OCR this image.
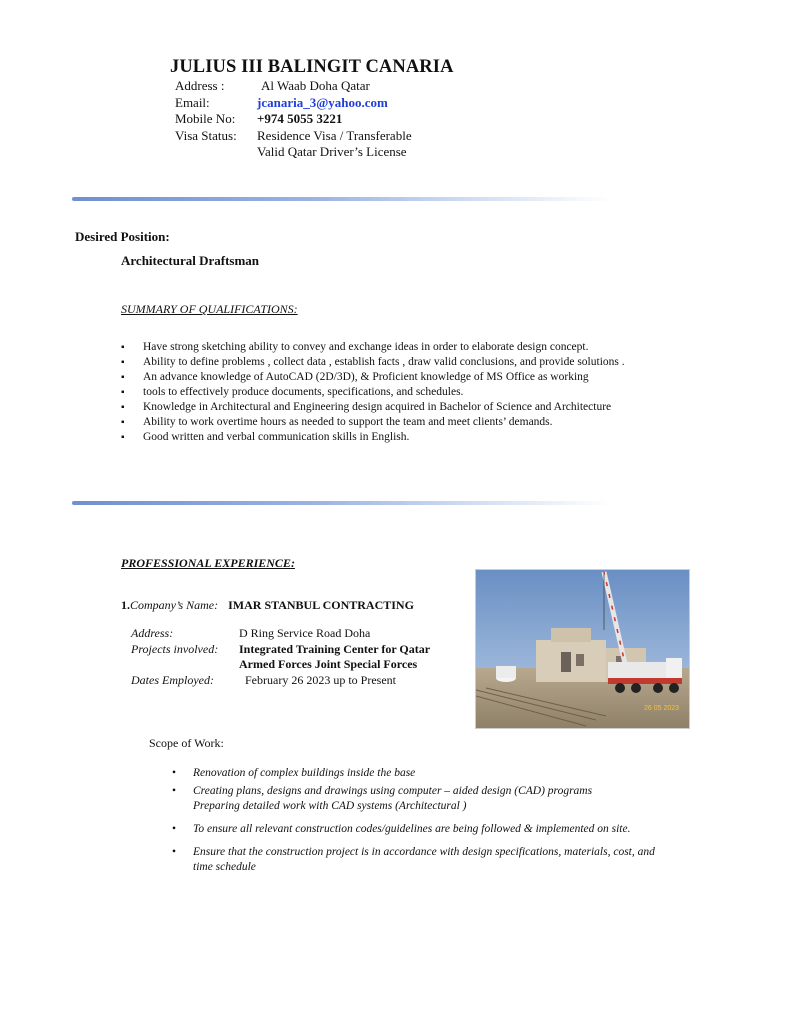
JULIUS III BALINGIT CANARIA
Address :	Al Waab Doha Qatar
Email:	jcanaria_3@yahoo.com
Mobile No:	+974 5055 3221
Visa Status:	Residence Visa / Transferable
Valid Qatar Driver’s License
Desired Position:
Architectural Draftsman
SUMMARY OF QUALIFICATIONS:
▪ Have strong sketching ability to convey and exchange ideas in order to elaborate design concept.
▪ Ability to define problems , collect data , establish facts , draw valid conclusions, and provide solutions .
▪ An advance knowledge of AutoCAD (2D/3D), & Proficient knowledge of MS Office as working
▪ tools to effectively produce documents, specifications, and schedules.
▪ Knowledge in Architectural and Engineering design acquired in Bachelor of Science and Architecture
▪ Ability to work overtime hours as needed to support the team and meet clients’ demands.
▪ Good written and verbal communication skills in English.
PROFESSIONAL EXPERIENCE:
1.Company’s Name: IMAR STANBUL CONTRACTING
Address:	D Ring Service Road Doha
Projects involved:	Integrated Training Center for Qatar
Armed Forces Joint Special Forces
Dates Employed:	February 26 2023 up to Present
26 05 2023
Scope of Work:
• Renovation of complex buildings inside the base
• Creating plans, designs and drawings using computer – aided design (CAD) programs
Preparing detailed work with CAD systems (Architectural )
• To ensure all relevant construction codes/guidelines are being followed & implemented on site.
• Ensure that the construction project is in accordance with design specifications, materials, cost, and
time schedule
